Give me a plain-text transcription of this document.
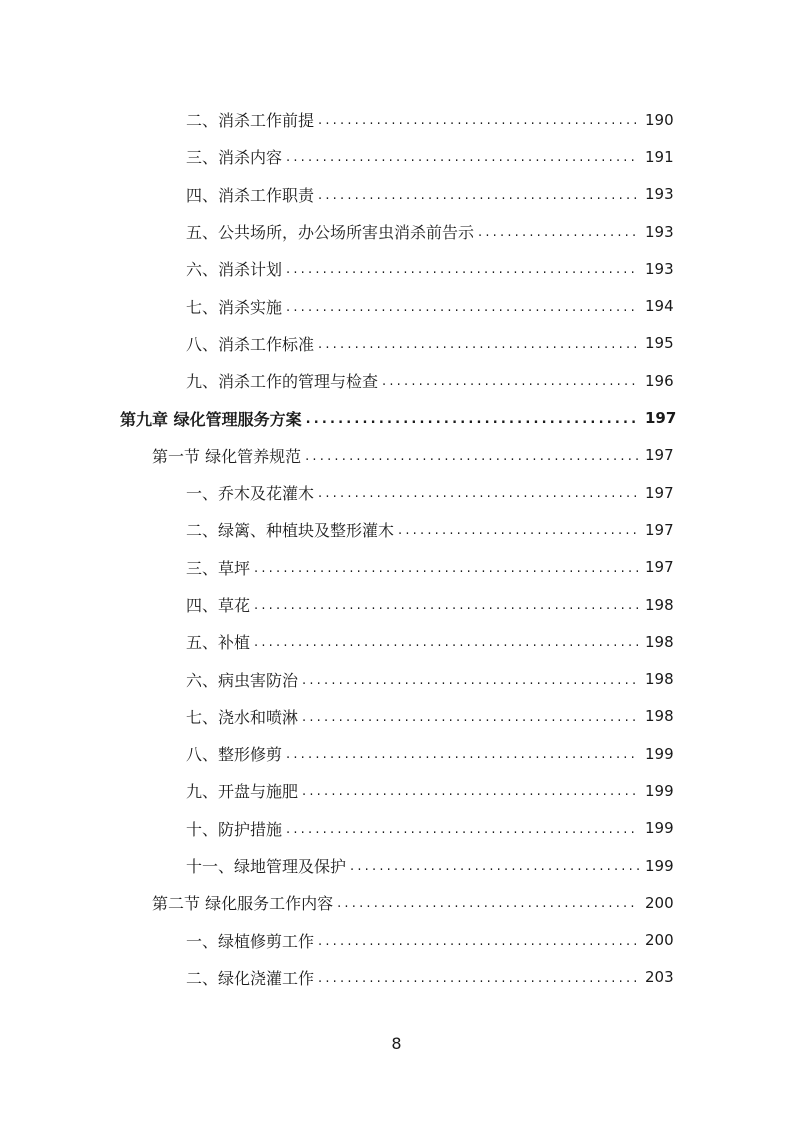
二、消杀工作前提 .....	190
三、消杀内容 .....	191
四、消杀工作职责 .....	193
五、公共场所，办公场所害虫消杀前告示 .....	193
六、消杀计划 .....	193
七、消杀实施 .....	194
八、消杀工作标准 .....	195
九、消杀工作的管理与检查 .....	196
第九章 绿化管理服务方案 .....	197
第一节 绿化管养规范 .....	197
一、乔木及花灌木 .....	197
二、绿篱、种植块及整形灌木 .....	197
三、草坪 .....	197
四、草花 .....	198
五、补植 .....	198
六、病虫害防治 .....	198
七、浇水和喷淋 .....	198
八、整形修剪 .....	199
九、开盘与施肥 .....	199
十、防护措施 .....	199
十一、绿地管理及保护 .....	199
第二节 绿化服务工作内容 .....	200
一、绿植修剪工作 .....	200
二、绿化浇灌工作 .....	203
8
